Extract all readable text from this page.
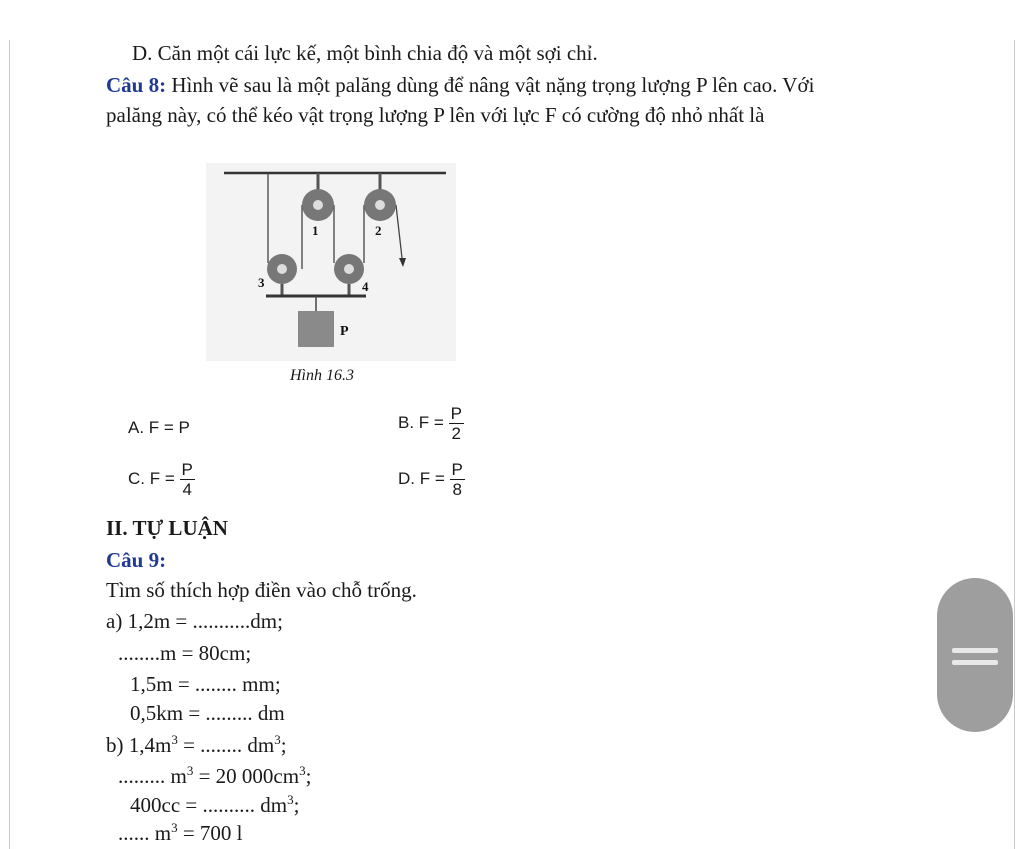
D. Căn một cái lực kế, một bình chia độ và một sợi chỉ.
Câu 8: Hình vẽ sau là một palăng dùng để nâng vật nặng trọng lượng P lên cao. Với
palăng này, có thể kéo vật trọng lượng P lên với lực F có cường độ nhỏ nhất là
1	2
3	4
P
Hình 16.3
A. F = P	B. $F = \frac{P}{2}$
C. $F = \frac{P}{4}$	D. $F = \frac{P}{8}$
II. TỰ LUẬN
Câu 9:
Tìm số thích hợp điền vào chỗ trống.
a) 1,2m = ...........dm;
........m = 80cm;
1,5m = ........ mm;
0,5km = ......... dm
b) $1,4m^3$ = ........ $dm^3$;
......... $m^3 = 20$ $000cm^3$;
400cc = .......... $dm^3$;
...... $m^3 = 700$ l
